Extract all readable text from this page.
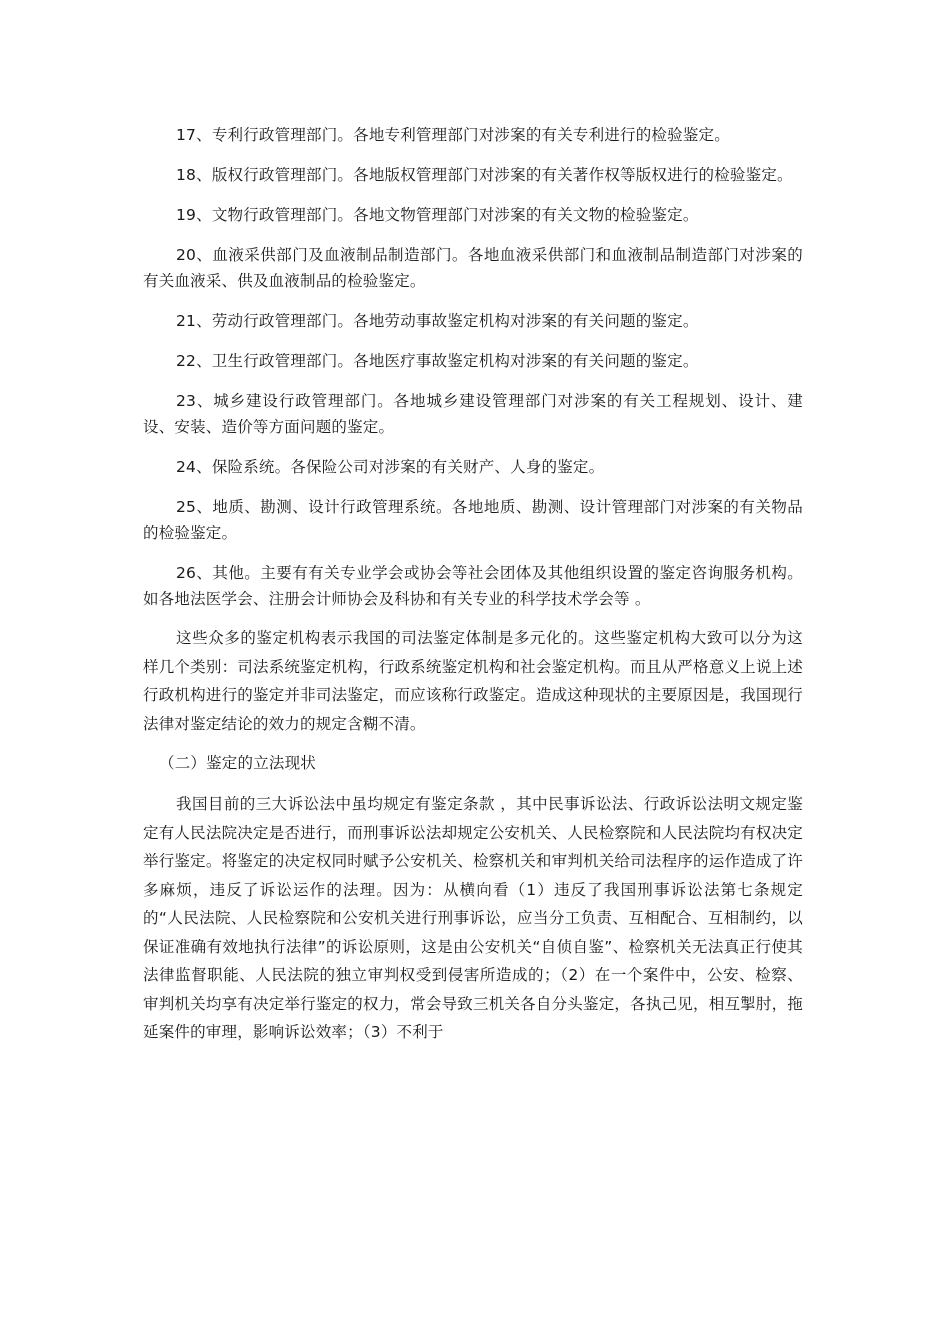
17、专利行政管理部门。各地专利管理部门对涉案的有关专利进行的检验鉴定。

18、版权行政管理部门。各地版权管理部门对涉案的有关著作权等版权进行的检验鉴定。

19、文物行政管理部门。各地文物管理部门对涉案的有关文物的检验鉴定。

20、血液采供部门及血液制品制造部门。各地血液采供部门和血液制品制造部门对涉案的有关血液采、供及血液制品的检验鉴定。

21、劳动行政管理部门。各地劳动事故鉴定机构对涉案的有关问题的鉴定。

22、卫生行政管理部门。各地医疗事故鉴定机构对涉案的有关问题的鉴定。

23、城乡建设行政管理部门。各地城乡建设管理部门对涉案的有关工程规划、设计、建设、安装、造价等方面问题的鉴定。

24、保险系统。各保险公司对涉案的有关财产、人身的鉴定。

25、地质、勘测、设计行政管理系统。各地地质、勘测、设计管理部门对涉案的有关物品的检验鉴定。

26、其他。主要有有关专业学会或协会等社会团体及其他组织设置的鉴定咨询服务机构。如各地法医学会、注册会计师协会及科协和有关专业的科学技术学会等 。

这些众多的鉴定机构表示我国的司法鉴定体制是多元化的。这些鉴定机构大致可以分为这样几个类别：司法系统鉴定机构，行政系统鉴定机构和社会鉴定机构。而且从严格意义上说上述行政机构进行的鉴定并非司法鉴定，而应该称行政鉴定。造成这种现状的主要原因是，我国现行法律对鉴定结论的效力的规定含糊不清。

（二）鉴定的立法现状

我国目前的三大诉讼法中虽均规定有鉴定条款 ，其中民事诉讼法、行政诉讼法明文规定鉴定有人民法院决定是否进行，而刑事诉讼法却规定公安机关、人民检察院和人民法院均有权决定举行鉴定。将鉴定的决定权同时赋予公安机关、检察机关和审判机关给司法程序的运作造成了许多麻烦，违反了诉讼运作的法理。因为：从横向看（1）违反了我国刑事诉讼法第七条规定的“人民法院、人民检察院和公安机关进行刑事诉讼，应当分工负责、互相配合、互相制约，以保证准确有效地执行法律”的诉讼原则，这是由公安机关“自侦自鉴”、检察机关无法真正行使其法律监督职能、人民法院的独立审判权受到侵害所造成的；（2）在一个案件中，公安、检察、审判机关均享有决定举行鉴定的权力，常会导致三机关各自分头鉴定，各执己见，相互掣肘，拖延案件的审理，影响诉讼效率；（3）不利于
